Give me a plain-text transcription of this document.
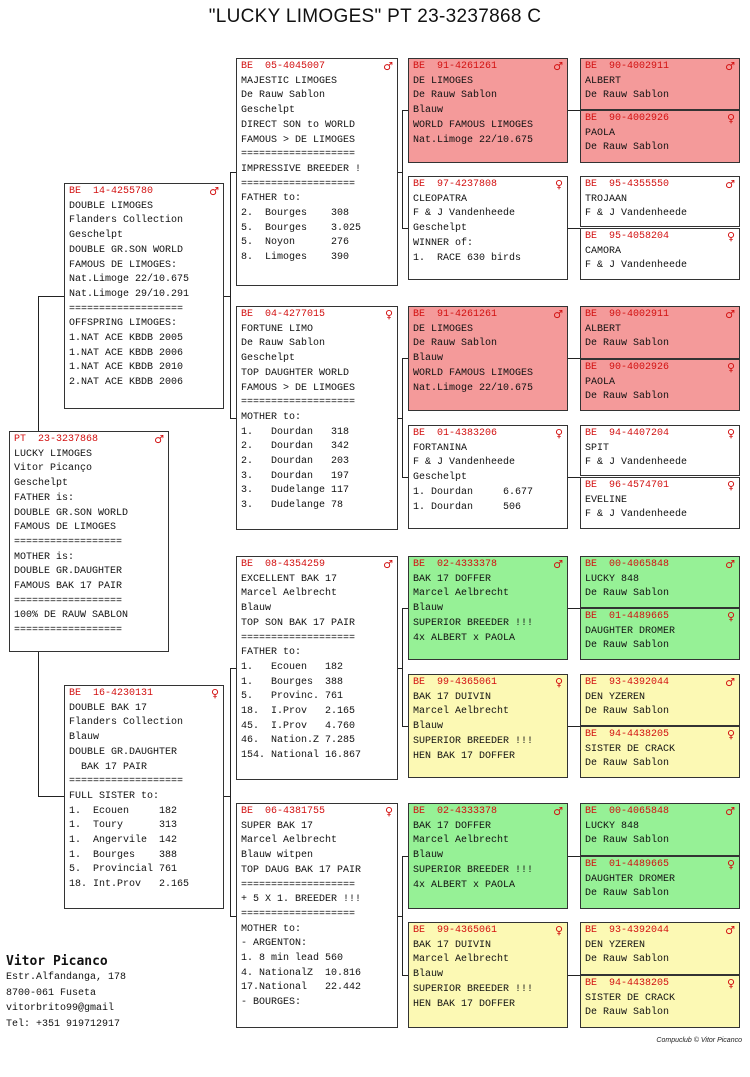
"LUCKY LIMOGES" PT 23-3237868 C
PT  23-3237868	♂
LUCKY LIMOGES
Vitor Picanço
Geschelpt
FATHER is:
DOUBLE GR.SON WORLD
FAMOUS DE LIMOGES
==================
MOTHER is:
DOUBLE GR.DAUGHTER
FAMOUS BAK 17 PAIR
==================
100% DE RAUW SABLON
==================
BE  14-4255780	♂
DOUBLE LIMOGES
Flanders Collection
Geschelpt
DOUBLE GR.SON WORLD
FAMOUS DE LIMOGES:
Nat.Limoge 22/10.675
Nat.Limoge 29/10.291
===================
OFFSPRING LIMOGES:
1.NAT ACE KBDB 2005
1.NAT ACE KBDB 2006
1.NAT ACE KBDB 2010
2.NAT ACE KBDB 2006
BE  16-4230131	♀
DOUBLE BAK 17
Flanders Collection
Blauw
DOUBLE GR.DAUGHTER
BAK 17 PAIR
===================
FULL SISTER to:
1.  Ecouen     182
1.  Toury      313
1.  Angervile  142
1.  Bourges    388
5.  Provincial 761
18. Int.Prov   2.165
BE  05-4045007	♂
MAJESTIC LIMOGES
De Rauw Sablon
Geschelpt
DIRECT SON to WORLD
FAMOUS > DE LIMOGES
===================
IMPRESSIVE BREEDER !
===================
FATHER to:
2.  Bourges    308
5.  Bourges    3.025
5.  Noyon      276
8.  Limoges    390
BE  04-4277015	♀
FORTUNE LIMO
De Rauw Sablon
Geschelpt
TOP DAUGHTER WORLD
FAMOUS > DE LIMOGES
===================
MOTHER to:
1.   Dourdan   318
2.   Dourdan   342
2.   Dourdan   203
3.   Dourdan   197
3.   Dudelange 117
3.   Dudelange 78
BE  08-4354259	♂
EXCELLENT BAK 17
Marcel Aelbrecht
Blauw
TOP SON BAK 17 PAIR
===================
FATHER to:
1.   Ecouen   182
1.   Bourges  388
5.   Provinc. 761
18.  I.Prov   2.165
45.  I.Prov   4.760
46.  Nation.Z 7.285
154. National 16.867
BE  06-4381755	♀
SUPER BAK 17
Marcel Aelbrecht
Blauw witpen
TOP DAUG BAK 17 PAIR
===================
+ 5 X 1. BREEDER !!!
===================
MOTHER to:
- ARGENTON:
1. 8 min lead 560
4. NationalZ  10.816
17.National   22.442
- BOURGES:
BE  91-4261261	♂
DE LIMOGES
De Rauw Sablon
Blauw
WORLD FAMOUS LIMOGES
Nat.Limoge 22/10.675
BE  97-4237808	♀
CLEOPATRA
F & J Vandenheede
Geschelpt
WINNER of:
1.  RACE 630 birds
BE  91-4261261	♂
DE LIMOGES
De Rauw Sablon
Blauw
WORLD FAMOUS LIMOGES
Nat.Limoge 22/10.675
BE  01-4383206	♀
FORTANINA
F & J Vandenheede
Geschelpt
1. Dourdan     6.677
1. Dourdan     506
BE  02-4333378	♂
BAK 17 DOFFER
Marcel Aelbrecht
Blauw
SUPERIOR BREEDER !!!
4x ALBERT x PAOLA
BE  99-4365061	♀
BAK 17 DUIVIN
Marcel Aelbrecht
Blauw
SUPERIOR BREEDER !!!
HEN BAK 17 DOFFER
BE  02-4333378	♂
BAK 17 DOFFER
Marcel Aelbrecht
Blauw
SUPERIOR BREEDER !!!
4x ALBERT x PAOLA
BE  99-4365061	♀
BAK 17 DUIVIN
Marcel Aelbrecht
Blauw
SUPERIOR BREEDER !!!
HEN BAK 17 DOFFER
BE  90-4002911	♂
ALBERT
De Rauw Sablon
BE  90-4002926	♀
PAOLA
De Rauw Sablon
BE  95-4355550	♂
TROJAAN
F & J Vandenheede
BE  95-4058204	♀
CAMORA
F & J Vandenheede
BE  90-4002911	♂
ALBERT
De Rauw Sablon
BE  90-4002926	♀
PAOLA
De Rauw Sablon
BE  94-4407204	♀
SPIT
F & J Vandenheede
BE  96-4574701	♀
EVELINE
F & J Vandenheede
BE  00-4065848	♂
LUCKY 848
De Rauw Sablon
BE  01-4489665	♀
DAUGHTER DROMER
De Rauw Sablon
BE  93-4392044	♂
DEN YZEREN
De Rauw Sablon
BE  94-4438205	♀
SISTER DE CRACK
De Rauw Sablon
BE  00-4065848	♂
LUCKY 848
De Rauw Sablon
BE  01-4489665	♀
DAUGHTER DROMER
De Rauw Sablon
BE  93-4392044	♂
DEN YZEREN
De Rauw Sablon
BE  94-4438205	♀
SISTER DE CRACK
De Rauw Sablon
Vitor Picanco
Estr.Alfandanga, 178
8700-061 Fuseta
vitorbrito99@gmail
Tel: +351 919712917
Compuclub © Vitor Picanco
